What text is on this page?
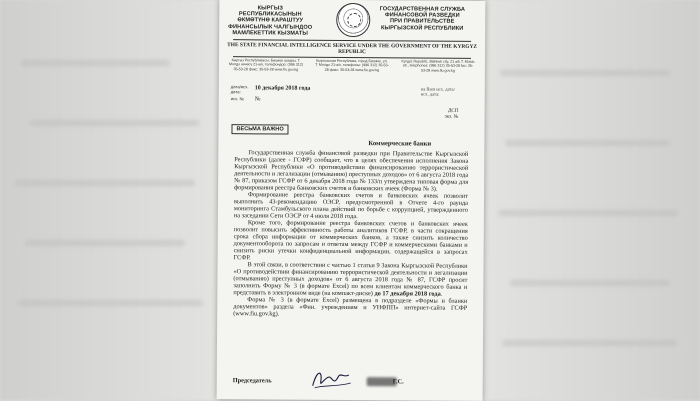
КЫРГЫЗ РЕСПУБЛИКАСЫНЫН ӨКМӨТҮНӨ КАРАШТУУ ФИНАНСЫЛЫК ЧАЛГЫНДОО МАМЛЕКЕТТИК КЫЗМАТЫ
ГОСУДАРСТВЕННАЯ СЛУЖБА ФИНАНСОВОЙ РАЗВЕДКИ ПРИ ПРАВИТЕЛЬСТВЕ КЫРГЫЗСКОЙ РЕСПУБЛИКИ
THE STATE FINANCIAL INTELLIGENCE SERVICE UNDER THE GOVERNMENT OF THE KYRGYZ REPUBLIC
Кыргыз Республикасы, Бишкек шаары, Т. Молдо көчөсү 21-а/к, телефондор: (996 312) 35-53-28 факс: 35-53-28 www.fiu.gov.kg
Кыргызская Республика, город Бишкек, ул. Т. Молдо 21-а/к, телефоны: (996 312) 35-53-28 факс: 35-53-28 www.fiu.gov.kg
Kyrgyz Republic, Bishkek city, 21 a/k T. Moldo str., telephones: (996 312) 35-53-28 fax: 35-53-28 www.fiu.gov.kg
дата/исх. дата:	10 декабря 2018 года
исх. № №
на Ваш исх. дата/исх. дата:
ДСП
экз. №
ВЕСЬМА ВАЖНО
Коммерческие банки

Государственная служба финансовой разведки при Правительстве Кыргызской Республики (далее - ГСФР) сообщает, что в целях обеспечения исполнения Закона Кыргызской Республики «О противодействии финансированию террористической деятельности и легализации (отмыванию) преступных доходов» от 6 августа 2018 года № 87, приказом ГСФР от 6 декабря 2018 года № 133/п утверждена типовая форма для формирования реестра банковских счетов и банковских ячеек (Форма № 3).

Формирование реестра банковских счетов и банковских ячеек позволит выполнить 43-рекомендацию ОЭСР, предусмотренной в Отчете 4-го раунда мониторинга Стамбульского плана действий по борьбе с коррупцией, утвержденного на заседании Сети ОЭСР от 4 июля 2018 года.

Кроме того, формирование реестра банковских счетов и банковских ячеек позволит повысить эффективность работы аналитиков ГСФР, в части сокращения срока сбора информации от коммерческих банков, а также снизить количество документооборота по запросам и ответам между ГСФР и коммерческими банками и снизить риски утечки конфиденциальной информации, содержащейся в запросах ГСФР.

В этой связи, в соответствии с частью 1 статьи 9 Закона Кыргызской Республики «О противодействии финансированию террористической деятельности и легализации (отмыванию) преступных доходов» от 6 августа 2018 года № 87, ГСФР просит заполнить Форму № 3 (в формате Excel) по всем клиентам коммерческого банка и представить в электронном виде (на компакт-диске) до 17 декабря 2018 года.

Форма № 3 (в формате Excel) размещена в подразделе «Формы и бланки документов» раздела «Фин. учреждениям и УНФПП» интернет-сайта ГСФР (www.fiu.gov.kg).

Председатель	Г.С.
